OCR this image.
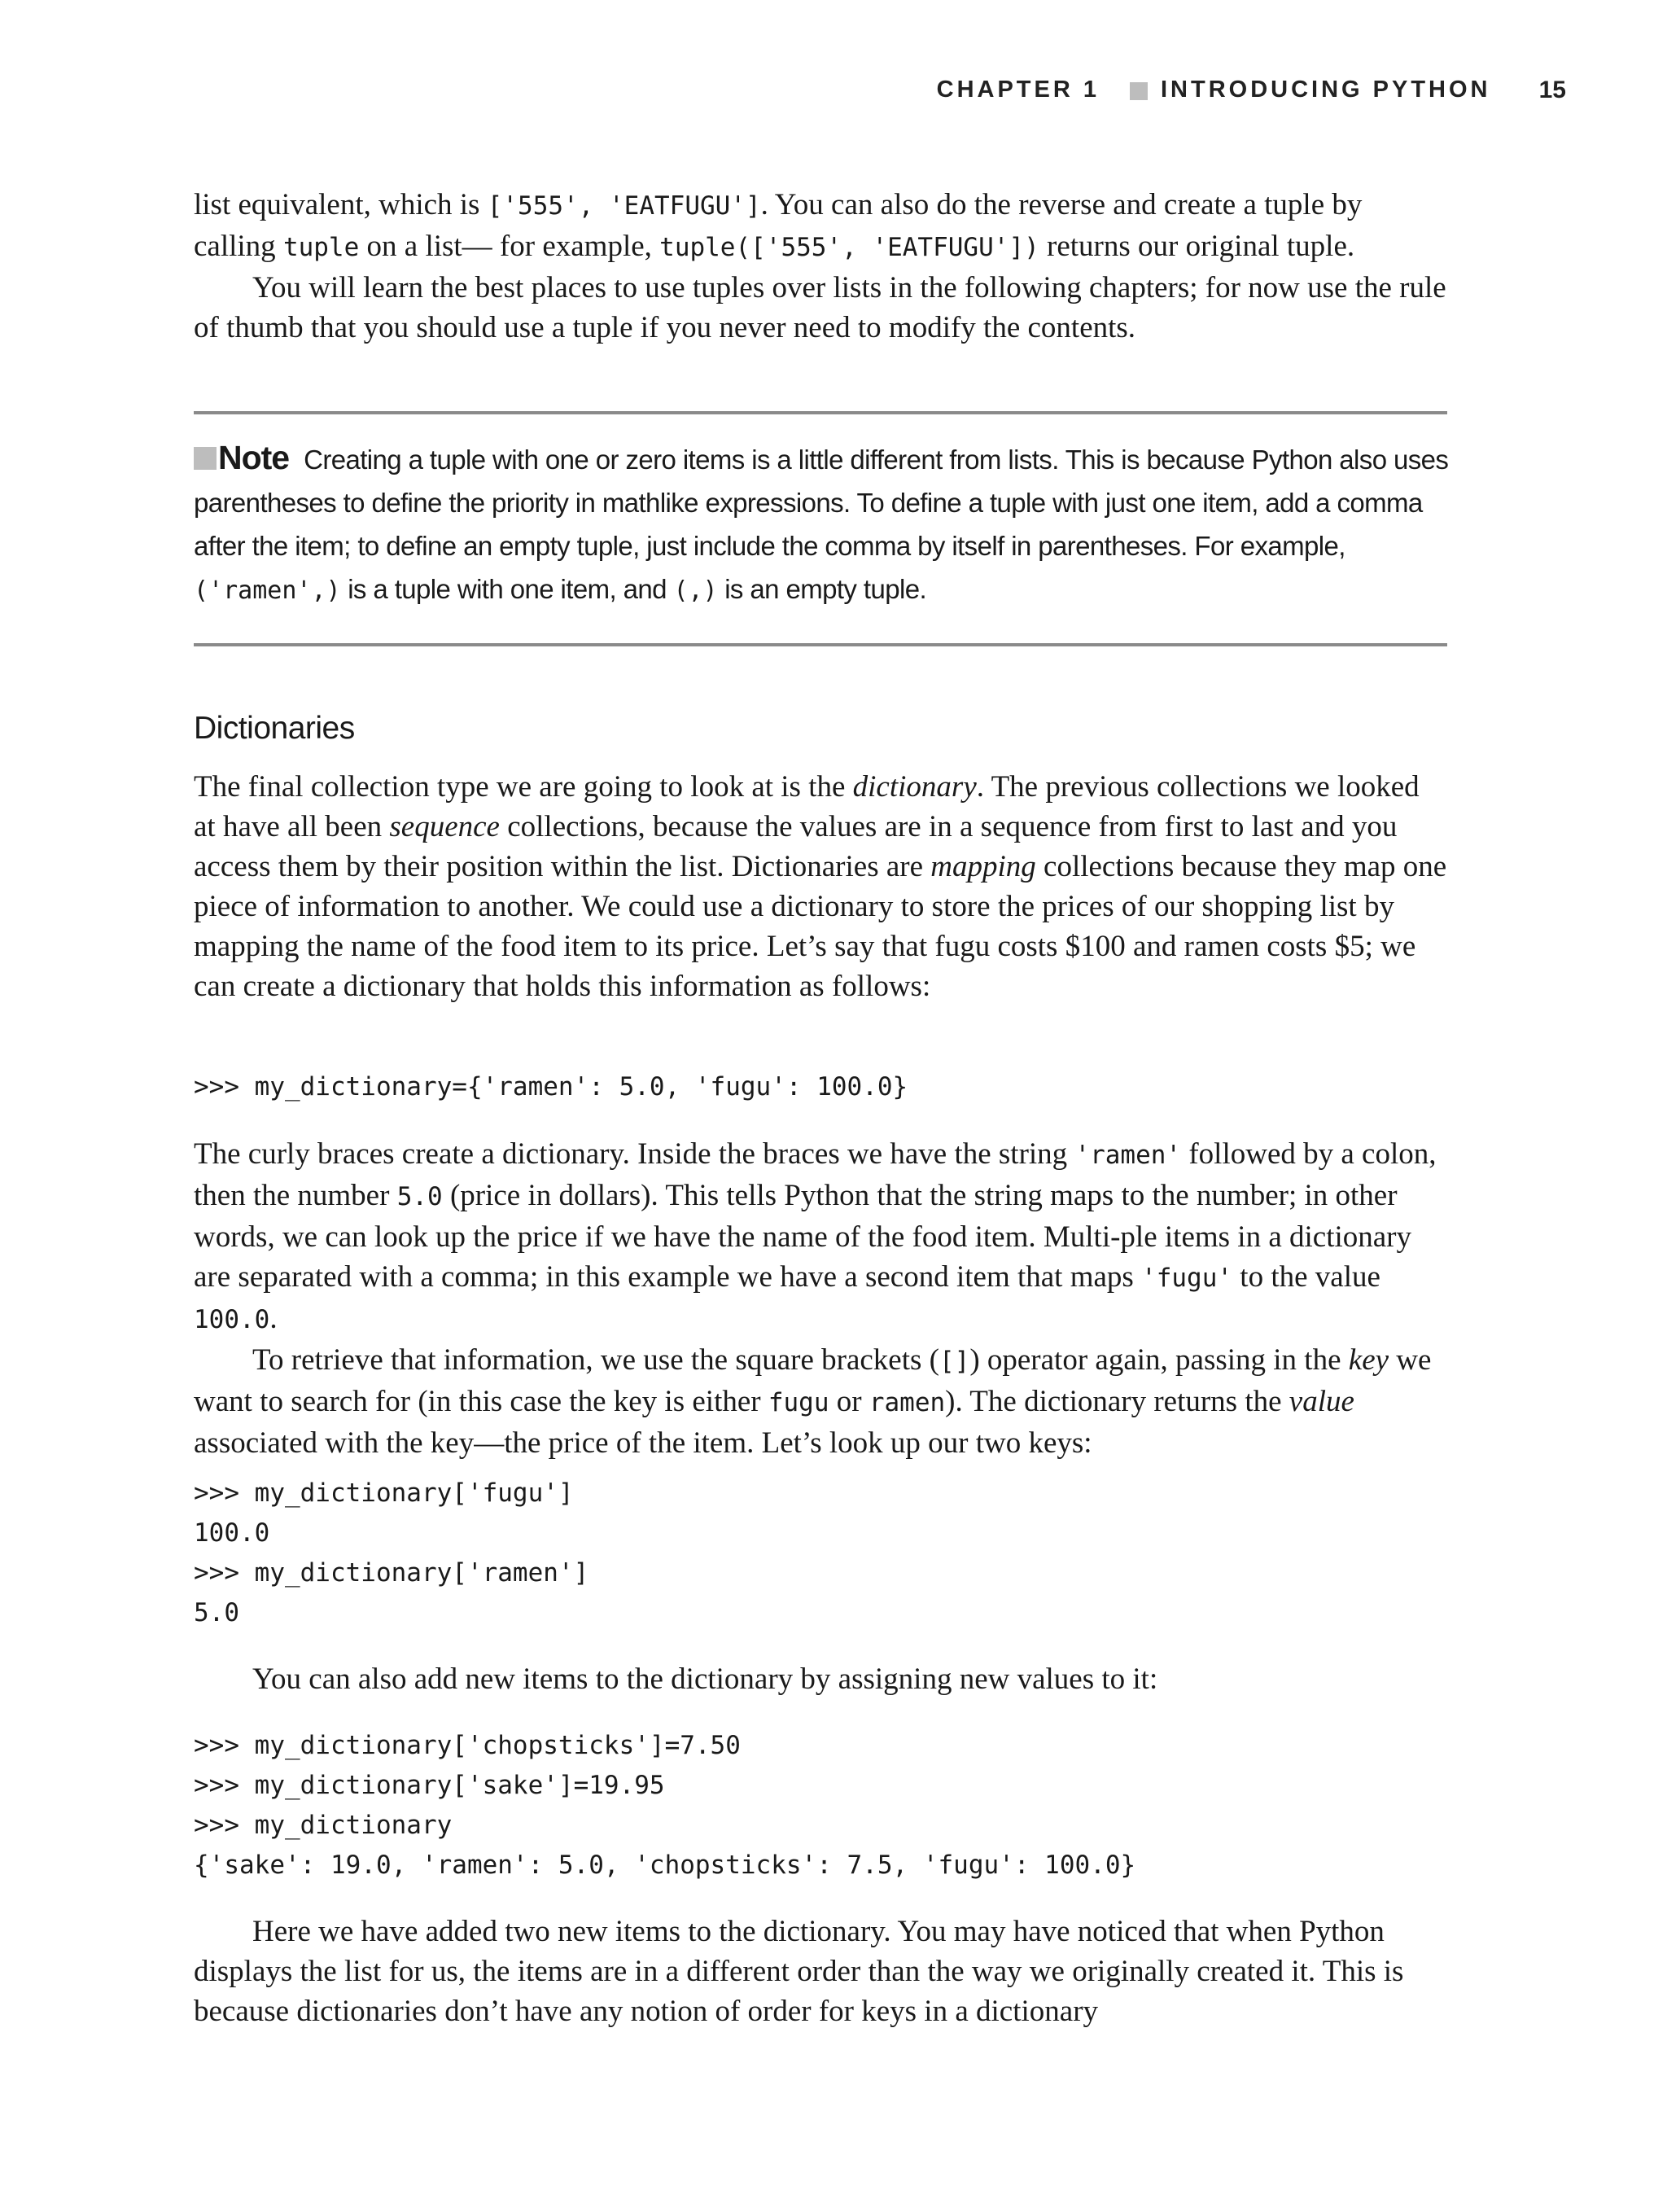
CHAPTER 1	INTRODUCING PYTHON 15

list equivalent, which is ['555', 'EATFUGU']. You can also do the reverse and create a tuple by calling tuple on a list— for example, tuple(['555', 'EATFUGU']) returns our original tuple.

You will learn the best places to use tuples over lists in the following chapters; for now use the rule of thumb that you should use a tuple if you never need to modify the contents.

Note Creating a tuple with one or zero items is a little different from lists. This is because Python also uses parentheses to define the priority in mathlike expressions. To define a tuple with just one item, add a comma after the item; to define an empty tuple, just include the comma by itself in parentheses. For example, ('ramen',) is a tuple with one item, and (,) is an empty tuple.

Dictionaries

The final collection type we are going to look at is the dictionary. The previous collections we looked at have all been sequence collections, because the values are in a sequence from first to last and you access them by their position within the list. Dictionaries are mapping collections because they map one piece of information to another. We could use a dictionary to store the prices of our shopping list by mapping the name of the food item to its price. Let’s say that fugu costs $100 and ramen costs $5; we can create a dictionary that holds this information as follows:

>>> my_dictionary={'ramen': 5.0, 'fugu': 100.0}

The curly braces create a dictionary. Inside the braces we have the string 'ramen' followed by a colon, then the number 5.0 (price in dollars). This tells Python that the string maps to the number; in other words, we can look up the price if we have the name of the food item. Multi-ple items in a dictionary are separated with a comma; in this example we have a second item that maps 'fugu' to the value 100.0.

To retrieve that information, we use the square brackets ([]) operator again, passing in the key we want to search for (in this case the key is either fugu or ramen). The dictionary returns the value associated with the key—the price of the item. Let’s look up our two keys:

>>> my_dictionary['fugu']
100.0
>>> my_dictionary['ramen']
5.0

You can also add new items to the dictionary by assigning new values to it:

>>> my_dictionary['chopsticks']=7.50
>>> my_dictionary['sake']=19.95
>>> my_dictionary
{'sake': 19.0, 'ramen': 5.0, 'chopsticks': 7.5, 'fugu': 100.0}

Here we have added two new items to the dictionary. You may have noticed that when Python displays the list for us, the items are in a different order than the way we originally created it. This is because dictionaries don’t have any notion of order for keys in a dictionary
